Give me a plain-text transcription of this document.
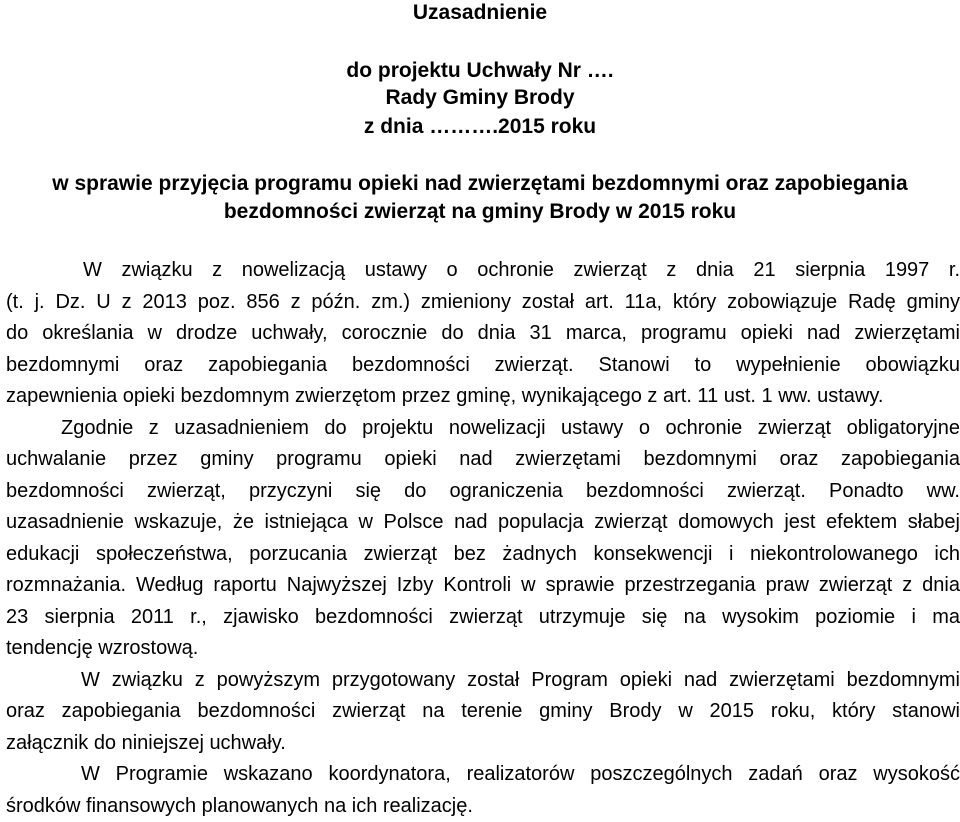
Uzasadnienie
do projektu Uchwały Nr ….
Rady Gminy Brody
z dnia ……….2015 roku
w sprawie przyjęcia programu opieki nad zwierzętami bezdomnymi oraz zapobiegania
bezdomności zwierząt na gminy Brody w 2015 roku
W związku z nowelizacją ustawy o ochronie zwierząt z dnia 21 sierpnia 1997 r.
(t. j. Dz. U z 2013 poz. 856 z późn. zm.) zmieniony został art. 11a, który zobowiązuje Radę gminy
do określania w drodze uchwały, corocznie do dnia 31 marca, programu opieki nad zwierzętami
bezdomnymi oraz zapobiegania bezdomności zwierząt. Stanowi to wypełnienie obowiązku
zapewnienia opieki bezdomnym zwierzętom przez gminę, wynikającego z art. 11 ust. 1 ww. ustawy.
Zgodnie z uzasadnieniem do projektu nowelizacji ustawy o ochronie zwierząt obligatoryjne
uchwalanie przez gminy programu opieki nad zwierzętami bezdomnymi oraz zapobiegania
bezdomności zwierząt, przyczyni się do ograniczenia bezdomności zwierząt. Ponadto ww.
uzasadnienie wskazuje, że istniejąca w Polsce nad populacja zwierząt domowych jest efektem słabej
edukacji społeczeństwa, porzucania zwierząt bez żadnych konsekwencji i niekontrolowanego ich
rozmnażania. Według raportu Najwyższej Izby Kontroli w sprawie przestrzegania praw zwierząt z dnia
23 sierpnia 2011 r., zjawisko bezdomności zwierząt utrzymuje się na wysokim poziomie i ma
tendencję wzrostową.
W związku z powyższym przygotowany został Program opieki nad zwierzętami bezdomnymi
oraz zapobiegania bezdomności zwierząt na terenie gminy Brody w 2015 roku, który stanowi
załącznik do niniejszej uchwały.
W Programie wskazano koordynatora, realizatorów poszczególnych zadań oraz wysokość
środków finansowych planowanych na ich realizację.
